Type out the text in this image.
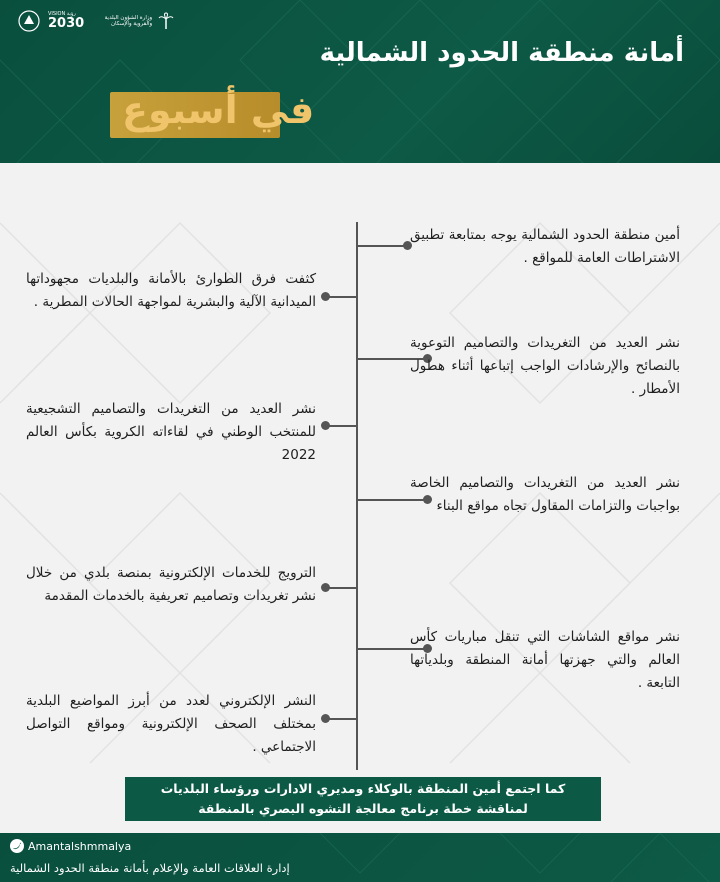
VISION رؤية
2030	وزارة الشؤون البلدية والقروية والإسكان
أمانة منطقة الحدود الشمالية
في أسبوع
أمين منطقة الحدود الشمالية يوجه بمتابعة تطبيق الاشتراطات العامة للمواقع .
نشر العديد من التغريدات والتصاميم التوعوية بالنصائح والإرشادات الواجب إتباعها أثناء هطول الأمطار .
نشر العديد من التغريدات والتصاميم الخاصة بواجبات والتزامات المقاول تجاه مواقع البناء
نشر مواقع الشاشات التي تنقل مباريات كأس العالم والتي جهزتها أمانة المنطقة وبلدياتها التابعة .
كثفت فرق الطوارئ بالأمانة والبلديات مجهوداتها الميدانية الآلية والبشرية لمواجهة الحالات المطرية .
نشر العديد من التغريدات والتصاميم التشجيعية للمنتخب الوطني في لقاءاته الكروية بكأس العالم 2022
الترويج للخدمات الإلكترونية بمنصة بلدي من خلال نشر تغريدات وتصاميم تعريفية بالخدمات المقدمة
النشر الإلكتروني لعدد من أبرز المواضيع البلدية بمختلف الصحف الإلكترونية ومواقع التواصل الاجتماعي .
كما اجتمع أمين المنطقة بالوكلاء ومديري الادارات ورؤساء البلديات
لمناقشة خطة برنامج معالجة التشوه البصري بالمنطقة
Amantalshmmalya
إدارة العلاقات العامة والإعلام بأمانة منطقة الحدود الشمالية
